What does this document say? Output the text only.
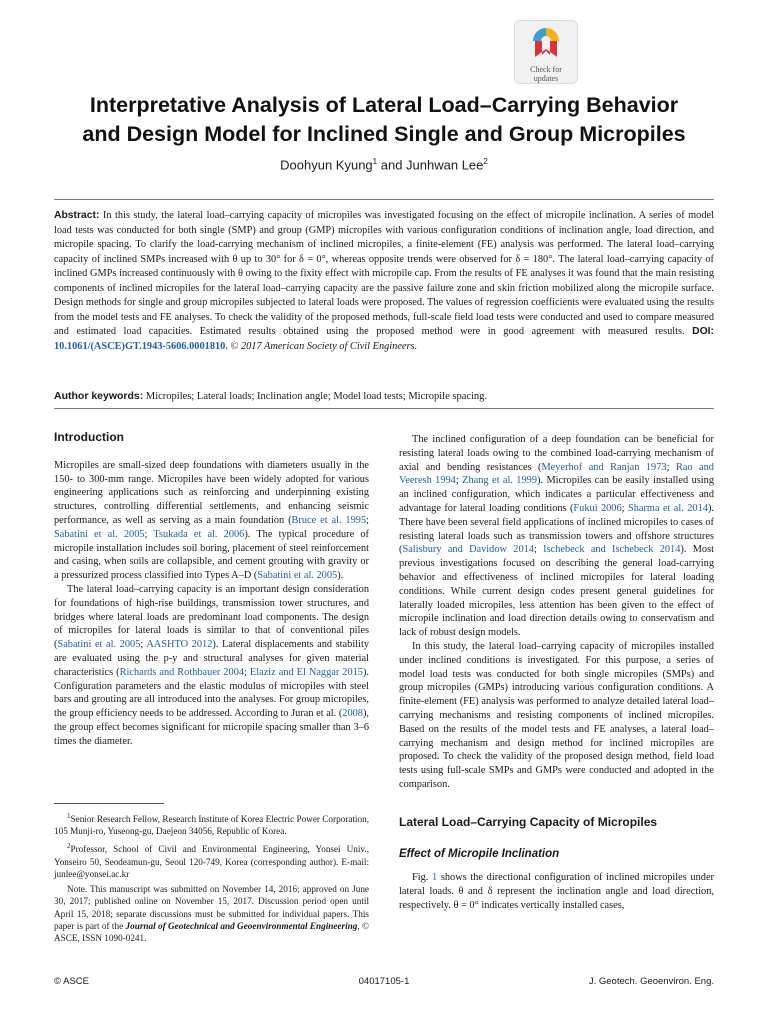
Check for
updates
Interpretative Analysis of Lateral Load–Carrying Behavior
and Design Model for Inclined Single and Group Micropiles
Doohyun Kyung$^1$ and Junhwan Lee$^2$
Abstract: In this study, the lateral load–carrying capacity of micropiles was investigated focusing on the effect of micropile inclination. A series of model load tests was conducted for both single (SMP) and group (GMP) micropiles with various configuration conditions of inclination angle, load direction, and micropile spacing. To clarify the load-carrying mechanism of inclined micropiles, a finite-element (FE) analysis was performed. The lateral load–carrying capacity of inclined SMPs increased with θ up to 30° for δ = 0°, whereas opposite trends were observed for δ = 180°. The lateral load–carrying capacity of inclined GMPs increased continuously with θ owing to the fixity effect with micropile cap. From the results of FE analyses it was found that the main resisting components of inclined micropiles for the lateral load–carrying capacity are the passive failure zone and skin friction mobilized along the micropile surface. Design methods for single and group micropiles subjected to lateral loads were proposed. The values of regression coefficients were evaluated using the results from the model tests and FE analyses. To check the validity of the proposed methods, full-scale field load tests were conducted and used to compare measured and estimated load capacities. Estimated results obtained using the proposed method were in good agreement with measured results. DOI: 10.1061/(ASCE)GT.1943-5606.0001810. © 2017 American Society of Civil Engineers.
Author keywords: Micropiles; Lateral loads; Inclination angle; Model load tests; Micropile spacing.
Introduction

Micropiles are small-sized deep foundations with diameters usually in the 150- to 300-mm range. Micropiles have been widely adopted for various engineering applications such as reinforcing and underpinning existing structures, controlling differential settlements, and enhancing seismic performance, as well as serving as a main foundation (Bruce et al. 1995; Sabatini et al. 2005; Tsukada et al. 2006). The typical procedure of micropile installation includes soil boring, placement of steel reinforcement and casing, when soils are collapsible, and cement grouting with gravity or a pressurized process classified into Types A–D (Sabatini et al. 2005).

The lateral load–carrying capacity is an important design consideration for foundations of high-rise buildings, transmission tower structures, and bridges where lateral loads are predominant load components. The design of micropiles for lateral loads is similar to that of conventional piles (Sabatini et al. 2005; AASHTO 2012). Lateral displacements and stability are evaluated using the p-y and structural analyses for given material characteristics (Richards and Rothbauer 2004; Elaziz and El Naggar 2015). Configuration parameters and the elastic modulus of micropiles with steel bars and grouting are all introduced into the analyses. For group micropiles, the group efficiency needs to be addressed. According to Juran et al. (2008), the group effect becomes significant for micropile spacing smaller than 3–6 times the diameter.

$^1$Senior Research Fellow, Research Institute of Korea Electric Power Corporation, 105 Munji-ro, Yuseong-gu, Daejeon 34056, Republic of Korea.

$^2$Professor, School of Civil and Environmental Engineering, Yonsei Univ., Yonseiro 50, Seodeamun-gu, Seoul 120-749, Korea (corresponding author). E-mail: junlee@yonsei.ac.kr

Note. This manuscript was submitted on November 14, 2016; approved on June 30, 2017; published online on November 15, 2017. Discussion period open until April 15, 2018; separate discussions must be submitted for individual papers. This paper is part of the Journal of Geotechnical and Geoenvironmental Engineering, © ASCE, ISSN 1090-0241.

The inclined configuration of a deep foundation can be beneficial for resisting lateral loads owing to the combined load-carrying mechanism of axial and bending resistances (Meyerhof and Ranjan 1973; Rao and Veeresh 1994; Zhang et al. 1999). Micropiles can be easily installed using an inclined configuration, which indicates a particular effectiveness and advantage for lateral loading conditions (Fukui 2006; Sharma et al. 2014). There have been several field applications of inclined micropiles to cases of resisting lateral loads such as transmission towers and offshore structures (Salisbury and Davidow 2014; Ischebeck and Ischebeck 2014). Most previous investigations focused on describing the general load-carrying behavior and effectiveness of inclined micropiles for lateral loading conditions. While current design codes present general guidelines for laterally loaded micropiles, less attention has been given to the effect of micropile inclination and load direction details owing to conservatism and lack of robust design models.

In this study, the lateral load–carrying capacity of micropiles installed under inclined conditions is investigated. For this purpose, a series of model load tests was conducted for both single micropiles (SMPs) and group micropiles (GMPs) introducing various configuration conditions. A finite-element (FE) analysis was performed to analyze detailed lateral load–carrying mechanisms and resisting components of inclined micropiles. Based on the results of the model tests and FE analyses, a lateral load–carrying mechanism and design method for inclined micropiles are proposed. To check the validity of the proposed design method, field load tests using full-scale SMPs and GMPs were conducted and adopted in the comparison.

Lateral Load–Carrying Capacity of Micropiles
Effect of Micropile Inclination

Fig. 1 shows the directional configuration of inclined micropiles under lateral loads. θ and δ represent the inclination angle and load direction, respectively. θ = 0° indicates vertically installed cases,

© ASCE	04017105-1	J. Geotech. Geoenviron. Eng.
